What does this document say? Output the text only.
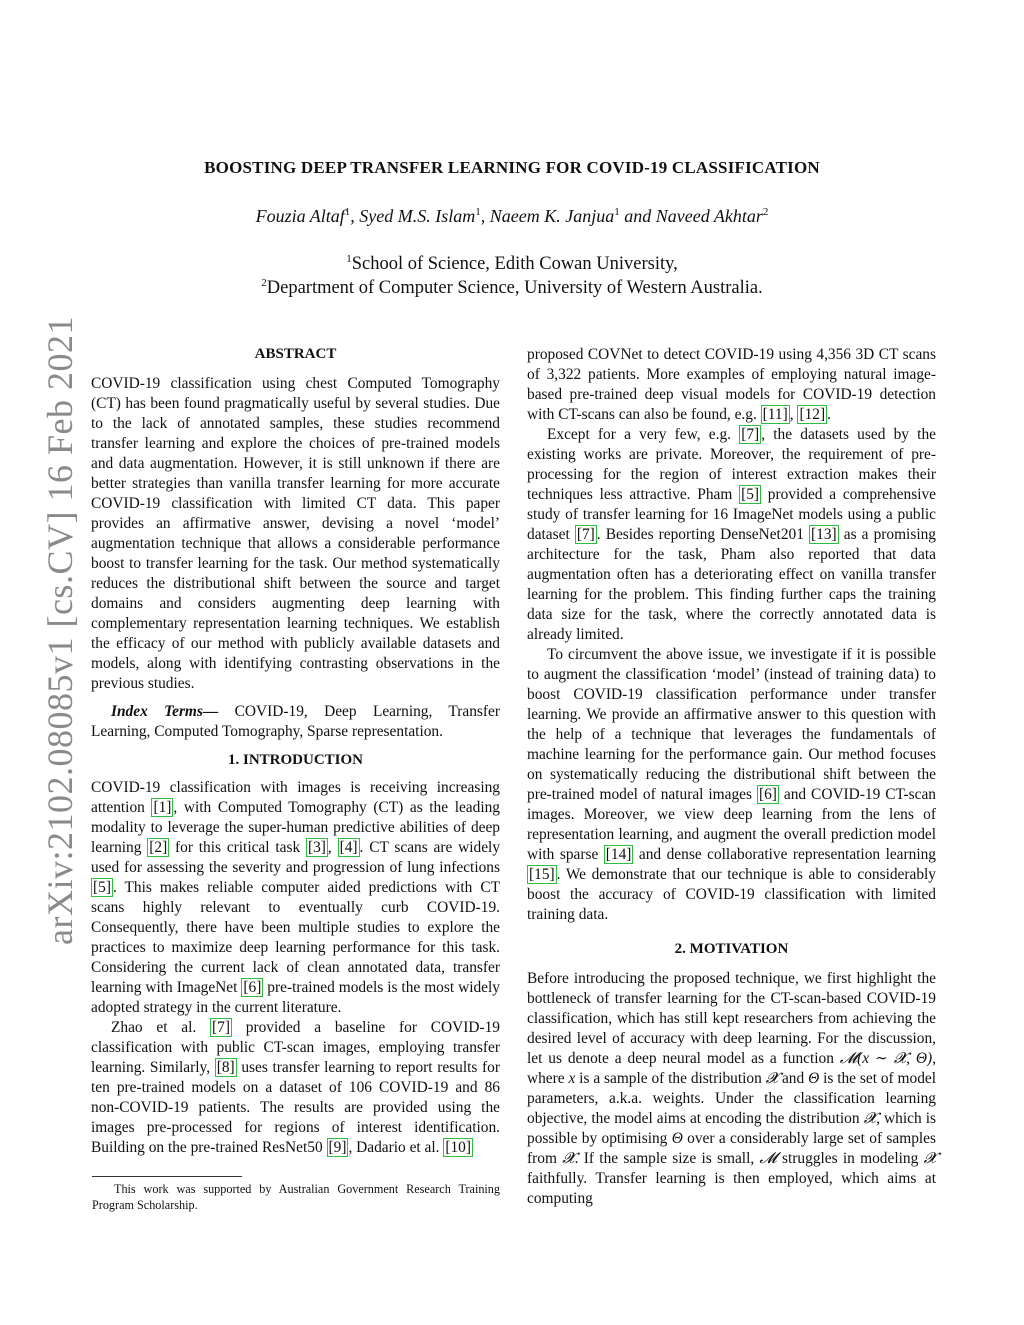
arXiv:2102.08085v1 [cs.CV] 16 Feb 2021
BOOSTING DEEP TRANSFER LEARNING FOR COVID-19 CLASSIFICATION
Fouzia Altaf$^1$, Syed M.S. Islam$^1$, Naeem K. Janjua$^1$ and Naveed Akhtar$^2$
$^1$School of Science, Edith Cowan University,
$^2$Department of Computer Science, University of Western Australia.

ABSTRACT

COVID-19 classification using chest Computed Tomography (CT) has been found pragmatically useful by several studies. Due to the lack of annotated samples, these studies recommend transfer learning and explore the choices of pre-trained models and data augmentation. However, it is still unknown if there are better strategies than vanilla transfer learning for more accurate COVID-19 classification with limited CT data. This paper provides an affirmative answer, devising a novel ‘model’ augmentation technique that allows a considerable performance boost to transfer learning for the task. Our method systematically reduces the distributional shift between the source and target domains and considers augmenting deep learning with complementary representation learning techniques. We establish the efficacy of our method with publicly available datasets and models, along with identifying contrasting observations in the previous studies.

Index Terms— COVID-19, Deep Learning, Transfer Learning, Computed Tomography, Sparse representation.

1. INTRODUCTION

COVID-19 classification with images is receiving increasing attention [1] , with Computed Tomography (CT) as the leading modality to leverage the super-human predictive abilities of deep learning [2] for this critical task [3] , [4] . CT scans are widely used for assessing the severity and progression of lung infections [5] . This makes reliable computer aided predictions with CT scans highly relevant to eventually curb COVID-19. Consequently, there have been multiple studies to explore the practices to maximize deep learning performance for this task. Considering the current lack of clean annotated data, transfer learning with ImageNet [6] pre-trained models is the most widely adopted strategy in the current literature.

Zhao et al. [7] provided a baseline for COVID-19 classification with public CT-scan images, employing transfer learning. Similarly, [8] uses transfer learning to report results for ten pre-trained models on a dataset of 106 COVID-19 and 86 non-COVID-19 patients. The results are provided using the images pre-processed for regions of interest identification. Building on the pre-trained ResNet50 [9] , Dadario et al. [10]

This work was supported by Australian Government Research Training Program Scholarship.

proposed COVNet to detect COVID-19 using 4,356 3D CT scans of 3,322 patients. More examples of employing natural image-based pre-trained deep visual models for COVID-19 detection with CT-scans can also be found, e.g. [11] , [12] .

Except for a very few, e.g. [7] , the datasets used by the existing works are private. Moreover, the requirement of pre-processing for the region of interest extraction makes their techniques less attractive. Pham [5] provided a comprehensive study of transfer learning for 16 ImageNet models using a public dataset [7] . Besides reporting DenseNet201 [13] as a promising architecture for the task, Pham also reported that data augmentation often has a deteriorating effect on vanilla transfer learning for the problem. This finding further caps the training data size for the task, where the correctly annotated data is already limited.

To circumvent the above issue, we investigate if it is possible to augment the classification ‘model’ (instead of training data) to boost COVID-19 classification performance under transfer learning. We provide an affirmative answer to this question with the help of a technique that leverages the fundamentals of machine learning for the performance gain. Our method focuses on systematically reducing the distributional shift between the pre-trained model of natural images [6] and COVID-19 CT-scan images. Moreover, we view deep learning from the lens of representation learning, and augment the overall prediction model with sparse [14] and dense collaborative representation learning [15] . We demonstrate that our technique is able to considerably boost the accuracy of COVID-19 classification with limited training data.

2. MOTIVATION

Before introducing the proposed technique, we first highlight the bottleneck of transfer learning for the CT-scan-based COVID-19 classification, which has still kept researchers from achieving the desired level of accuracy with deep learning. For the discussion, let us denote a deep neural model as a function 𝓜(x ∼ 𝓧, Θ), where x is a sample of the distribution 𝓧 and Θ is the set of model parameters, a.k.a. weights. Under the classification learning objective, the model aims at encoding the distribution 𝓧, which is possible by optimising Θ over a considerably large set of samples from 𝓧. If the sample size is small, 𝓜 struggles in modeling 𝓧 faithfully. Transfer learning is then employed, which aims at computing
